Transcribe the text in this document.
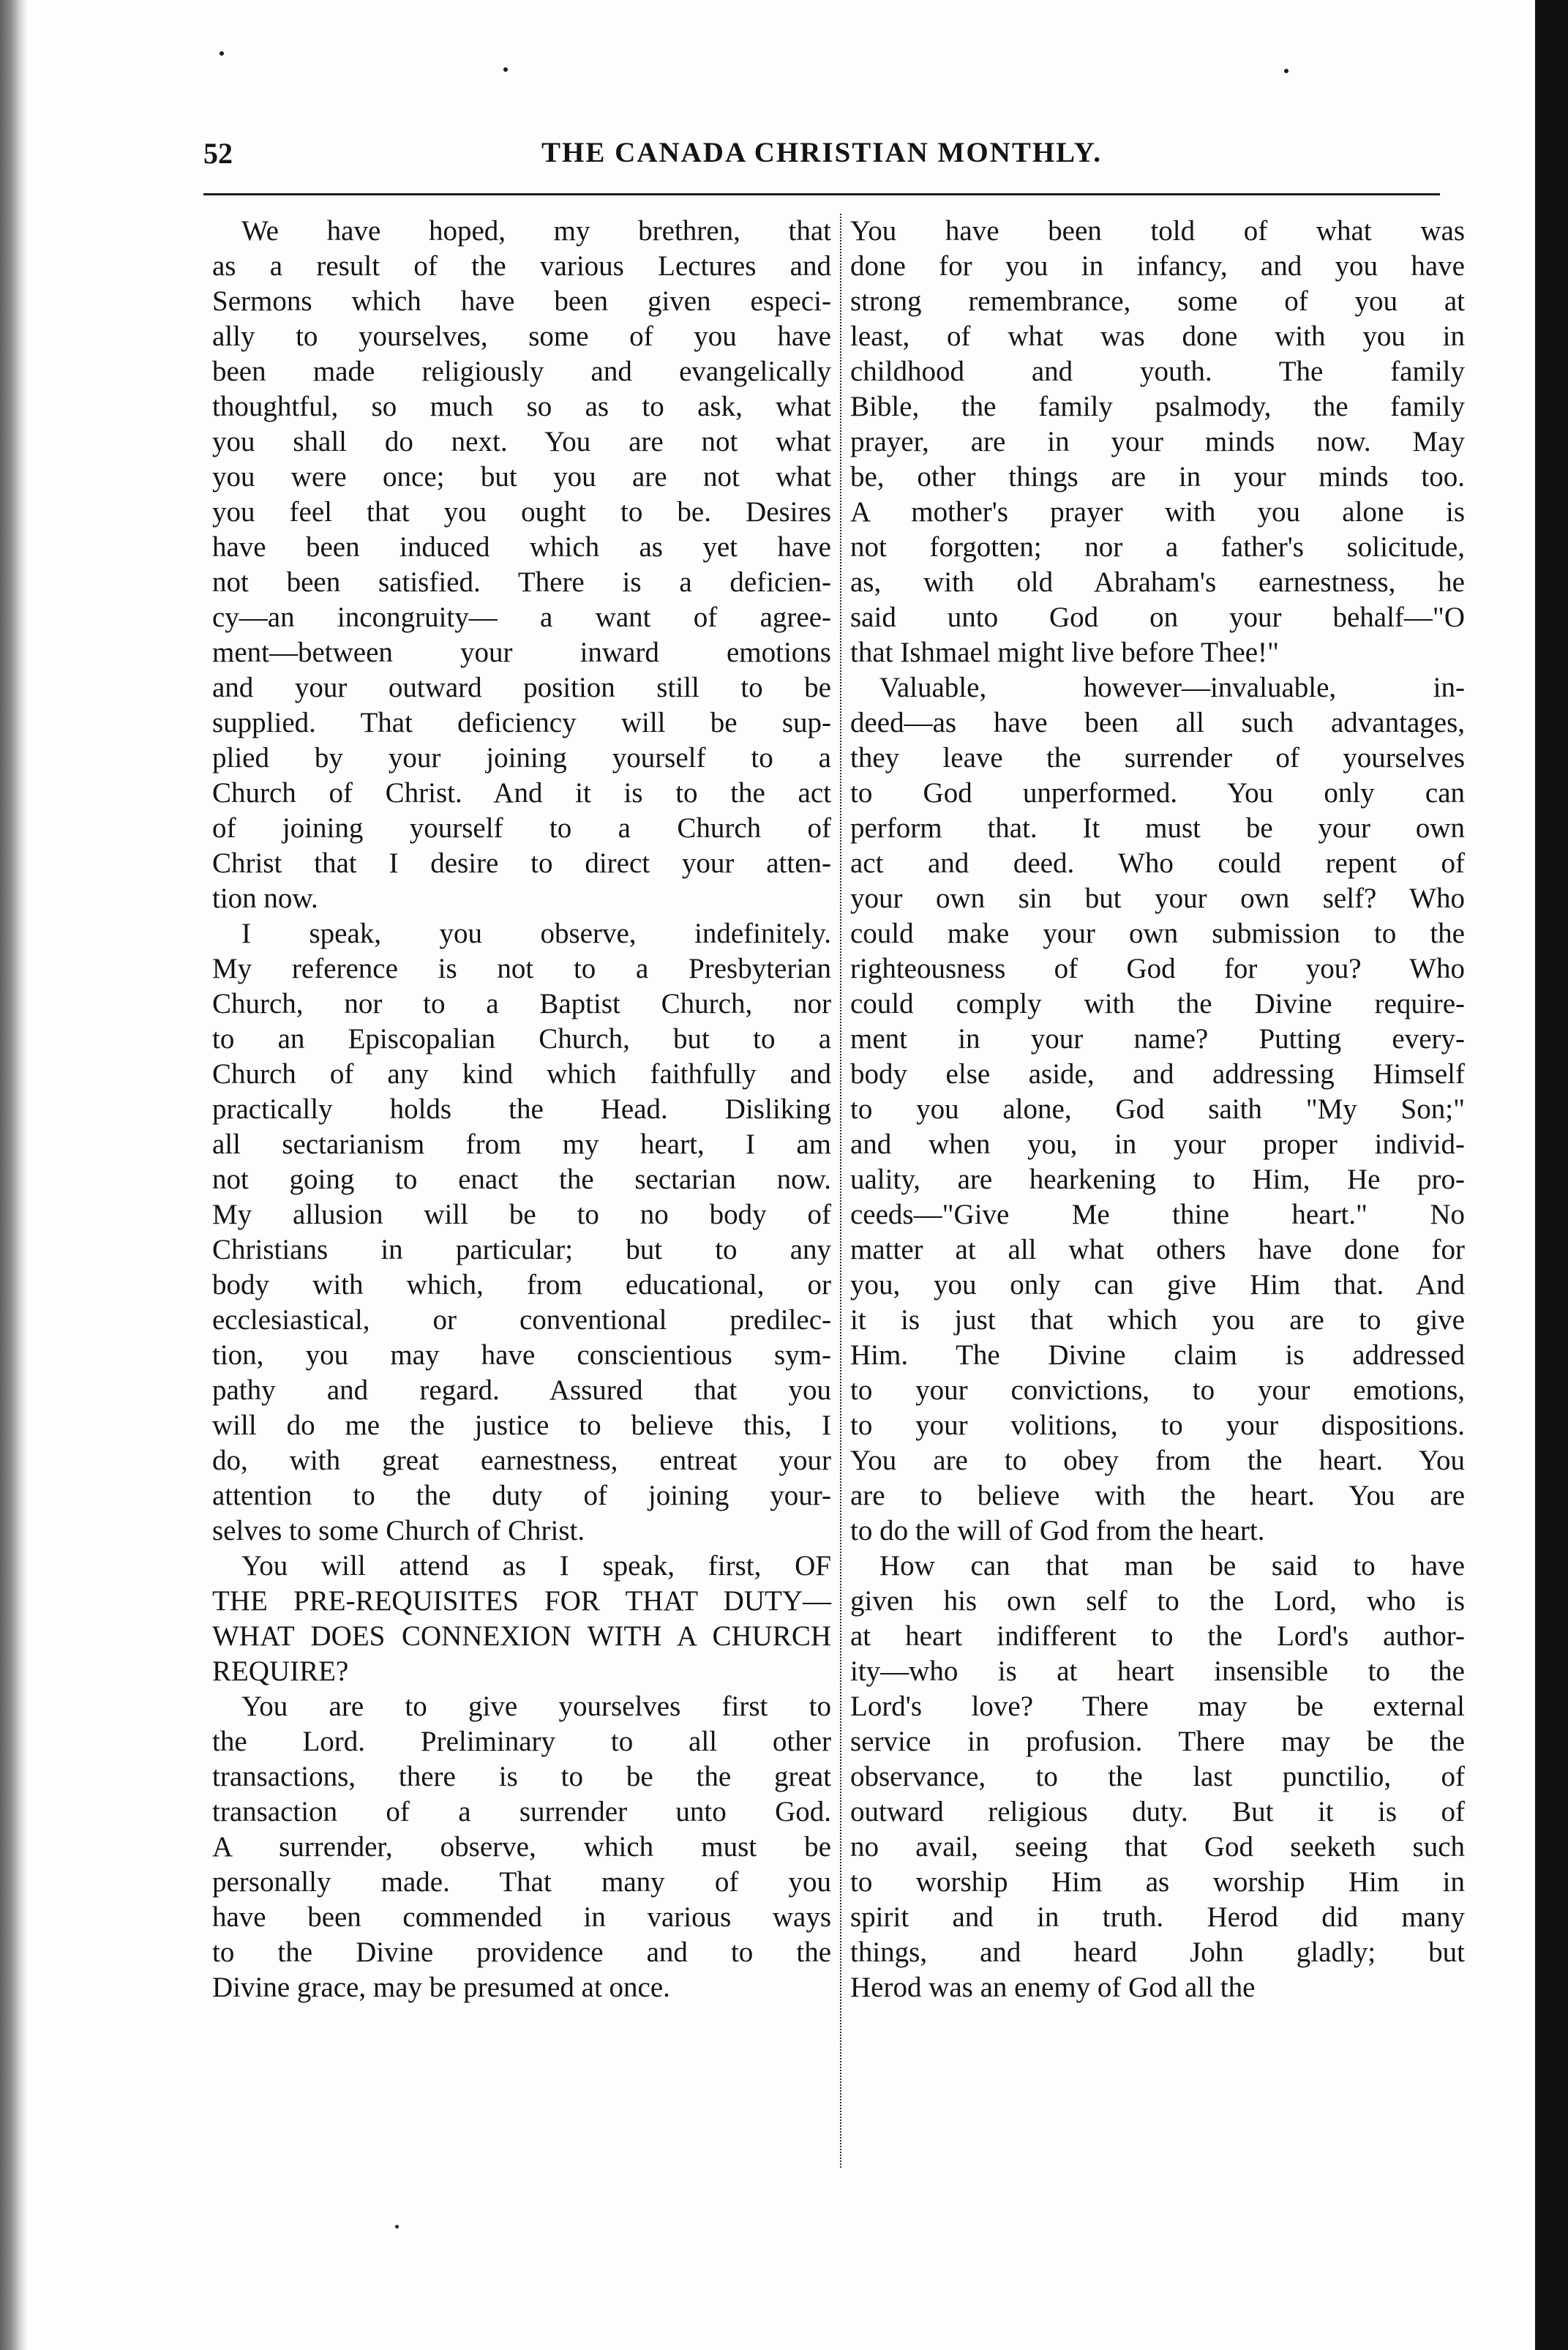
52	THE CANADA CHRISTIAN MONTHLY.
We have hoped, my brethren, that
as a result of the various Lectures and
Sermons which have been given especi-
ally to yourselves, some of you have
been made religiously and evangelically
thoughtful, so much so as to ask, what
you shall do next. You are not what
you were once; but you are not what
you feel that you ought to be. Desires
have been induced which as yet have
not been satisfied. There is a deficien-
cy—an incongruity— a want of agree-
ment—between your inward emotions
and your outward position still to be
supplied. That deficiency will be sup-
plied by your joining yourself to a
Church of Christ. And it is to the act
of joining yourself to a Church of
Christ that I desire to direct your atten-
tion now.
I speak, you observe, indefinitely.
My reference is not to a Presbyterian
Church, nor to a Baptist Church, nor
to an Episcopalian Church, but to a
Church of any kind which faithfully and
practically holds the Head. Disliking
all sectarianism from my heart, I am
not going to enact the sectarian now.
My allusion will be to no body of
Christians in particular; but to any
body with which, from educational, or
ecclesiastical, or conventional predilec-
tion, you may have conscientious sym-
pathy and regard. Assured that you
will do me the justice to believe this, I
do, with great earnestness, entreat your
attention to the duty of joining your-
selves to some Church of Christ.
You will attend as I speak, first, OF
THE PRE-REQUISITES FOR THAT DUTY—
WHAT DOES CONNEXION WITH A CHURCH
REQUIRE?
You are to give yourselves first to
the Lord. Preliminary to all other
transactions, there is to be the great
transaction of a surrender unto God.
A surrender, observe, which must be
personally made. That many of you
have been commended in various ways
to the Divine providence and to the
Divine grace, may be presumed at once.
You have been told of what was
done for you in infancy, and you have
strong remembrance, some of you at
least, of what was done with you in
childhood and youth. The family
Bible, the family psalmody, the family
prayer, are in your minds now. May
be, other things are in your minds too.
A mother's prayer with you alone is
not forgotten; nor a father's solicitude,
as, with old Abraham's earnestness, he
said unto God on your behalf—"O
that Ishmael might live before Thee!"
Valuable, however—invaluable, in-
deed—as have been all such advantages,
they leave the surrender of yourselves
to God unperformed. You only can
perform that. It must be your own
act and deed. Who could repent of
your own sin but your own self? Who
could make your own submission to the
righteousness of God for you? Who
could comply with the Divine require-
ment in your name? Putting every-
body else aside, and addressing Himself
to you alone, God saith "My Son;"
and when you, in your proper individ-
uality, are hearkening to Him, He pro-
ceeds—"Give Me thine heart." No
matter at all what others have done for
you, you only can give Him that. And
it is just that which you are to give
Him. The Divine claim is addressed
to your convictions, to your emotions,
to your volitions, to your dispositions.
You are to obey from the heart. You
are to believe with the heart. You are
to do the will of God from the heart.
How can that man be said to have
given his own self to the Lord, who is
at heart indifferent to the Lord's author-
ity—who is at heart insensible to the
Lord's love? There may be external
service in profusion. There may be the
observance, to the last punctilio, of
outward religious duty. But it is of
no avail, seeing that God seeketh such
to worship Him as worship Him in
spirit and in truth. Herod did many
things, and heard John gladly; but
Herod was an enemy of God all the
